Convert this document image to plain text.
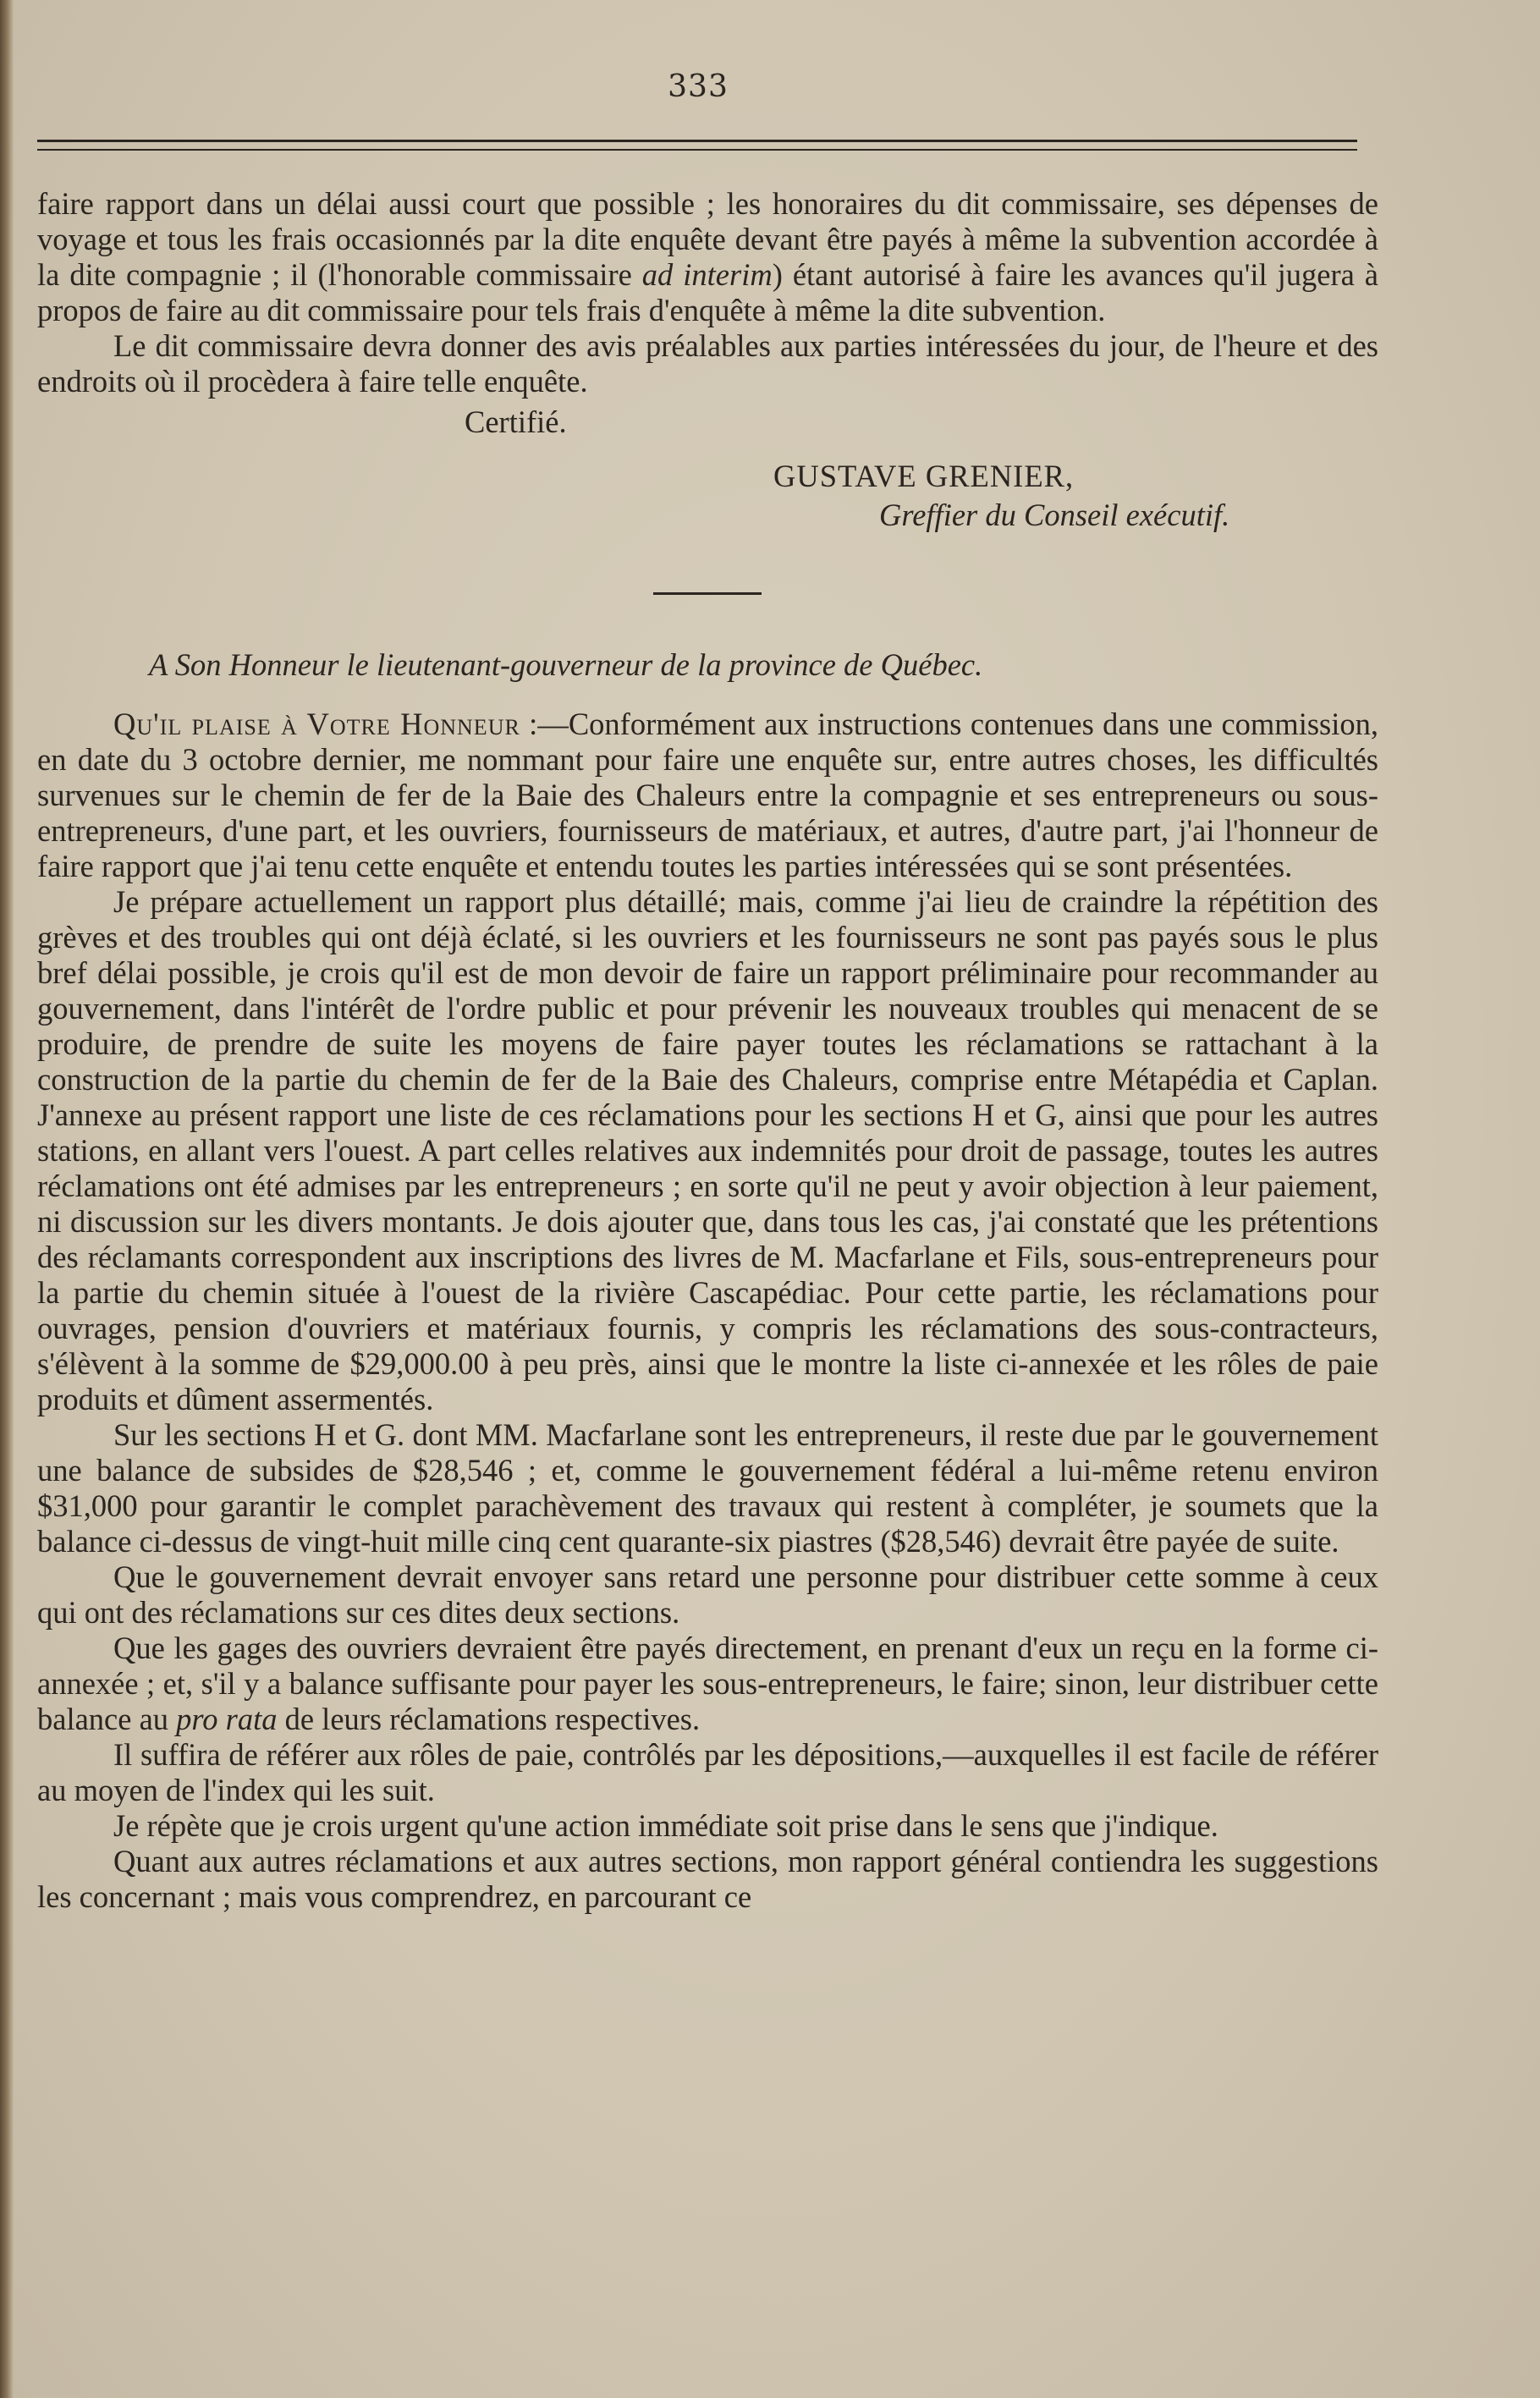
333

faire rapport dans un délai aussi court que possible ; les honoraires du dit commissaire, ses dépenses de voyage et tous les frais occasionnés par la dite enquête devant être payés à même la subvention accordée à la dite compagnie ; il (l'honorable commissaire ad interim) étant autorisé à faire les avances qu'il jugera à propos de faire au dit commissaire pour tels frais d'enquête à même la dite subvention.

Le dit commissaire devra donner des avis préalables aux parties intéressées du jour, de l'heure et des endroits où il procèdera à faire telle enquête.

Certifié.

GUSTAVE GRENIER,

Greffier du Conseil exécutif.

A Son Honneur le lieutenant-gouverneur de la province de Québec.

Qu'il plaise à Votre Honneur :—Conformément aux instructions contenues dans une commission, en date du 3 octobre dernier, me nommant pour faire une enquête sur, entre autres choses, les difficultés survenues sur le chemin de fer de la Baie des Chaleurs entre la compagnie et ses entrepreneurs ou sous-entrepreneurs, d'une part, et les ouvriers, fournisseurs de matériaux, et autres, d'autre part, j'ai l'honneur de faire rapport que j'ai tenu cette enquête et entendu toutes les parties intéressées qui se sont présentées.

Je prépare actuellement un rapport plus détaillé; mais, comme j'ai lieu de craindre la répétition des grèves et des troubles qui ont déjà éclaté, si les ouvriers et les fournisseurs ne sont pas payés sous le plus bref délai possible, je crois qu'il est de mon devoir de faire un rapport préliminaire pour recommander au gouvernement, dans l'intérêt de l'ordre public et pour prévenir les nouveaux troubles qui menacent de se produire, de prendre de suite les moyens de faire payer toutes les réclamations se rattachant à la construction de la partie du chemin de fer de la Baie des Chaleurs, comprise entre Métapédia et Caplan. J'annexe au présent rapport une liste de ces réclamations pour les sections H et G, ainsi que pour les autres stations, en allant vers l'ouest. A part celles relatives aux indemnités pour droit de passage, toutes les autres réclamations ont été admises par les entrepreneurs ; en sorte qu'il ne peut y avoir objection à leur paiement, ni discussion sur les divers montants. Je dois ajouter que, dans tous les cas, j'ai constaté que les prétentions des réclamants correspondent aux inscriptions des livres de M. Macfarlane et Fils, sous-entrepreneurs pour la partie du chemin située à l'ouest de la rivière Cascapédiac. Pour cette partie, les réclamations pour ouvrages, pension d'ouvriers et matériaux fournis, y compris les réclamations des sous-contracteurs, s'élèvent à la somme de $29,000.00 à peu près, ainsi que le montre la liste ci-annexée et les rôles de paie produits et dûment assermentés.

Sur les sections H et G. dont MM. Macfarlane sont les entrepreneurs, il reste due par le gouvernement une balance de subsides de $28,546 ; et, comme le gouvernement fédéral a lui-même retenu environ $31,000 pour garantir le complet parachèvement des travaux qui restent à compléter, je soumets que la balance ci-dessus de vingt-huit mille cinq cent quarante-six piastres ($28,546) devrait être payée de suite.

Que le gouvernement devrait envoyer sans retard une personne pour distribuer cette somme à ceux qui ont des réclamations sur ces dites deux sections.

Que les gages des ouvriers devraient être payés directement, en prenant d'eux un reçu en la forme ci-annexée ; et, s'il y a balance suffisante pour payer les sous-entrepreneurs, le faire; sinon, leur distribuer cette balance au pro rata de leurs réclamations respectives.

Il suffira de référer aux rôles de paie, contrôlés par les dépositions,—auxquelles il est facile de référer au moyen de l'index qui les suit.

Je répète que je crois urgent qu'une action immédiate soit prise dans le sens que j'indique.

Quant aux autres réclamations et aux autres sections, mon rapport général contiendra les suggestions les concernant ; mais vous comprendrez, en parcourant ce
